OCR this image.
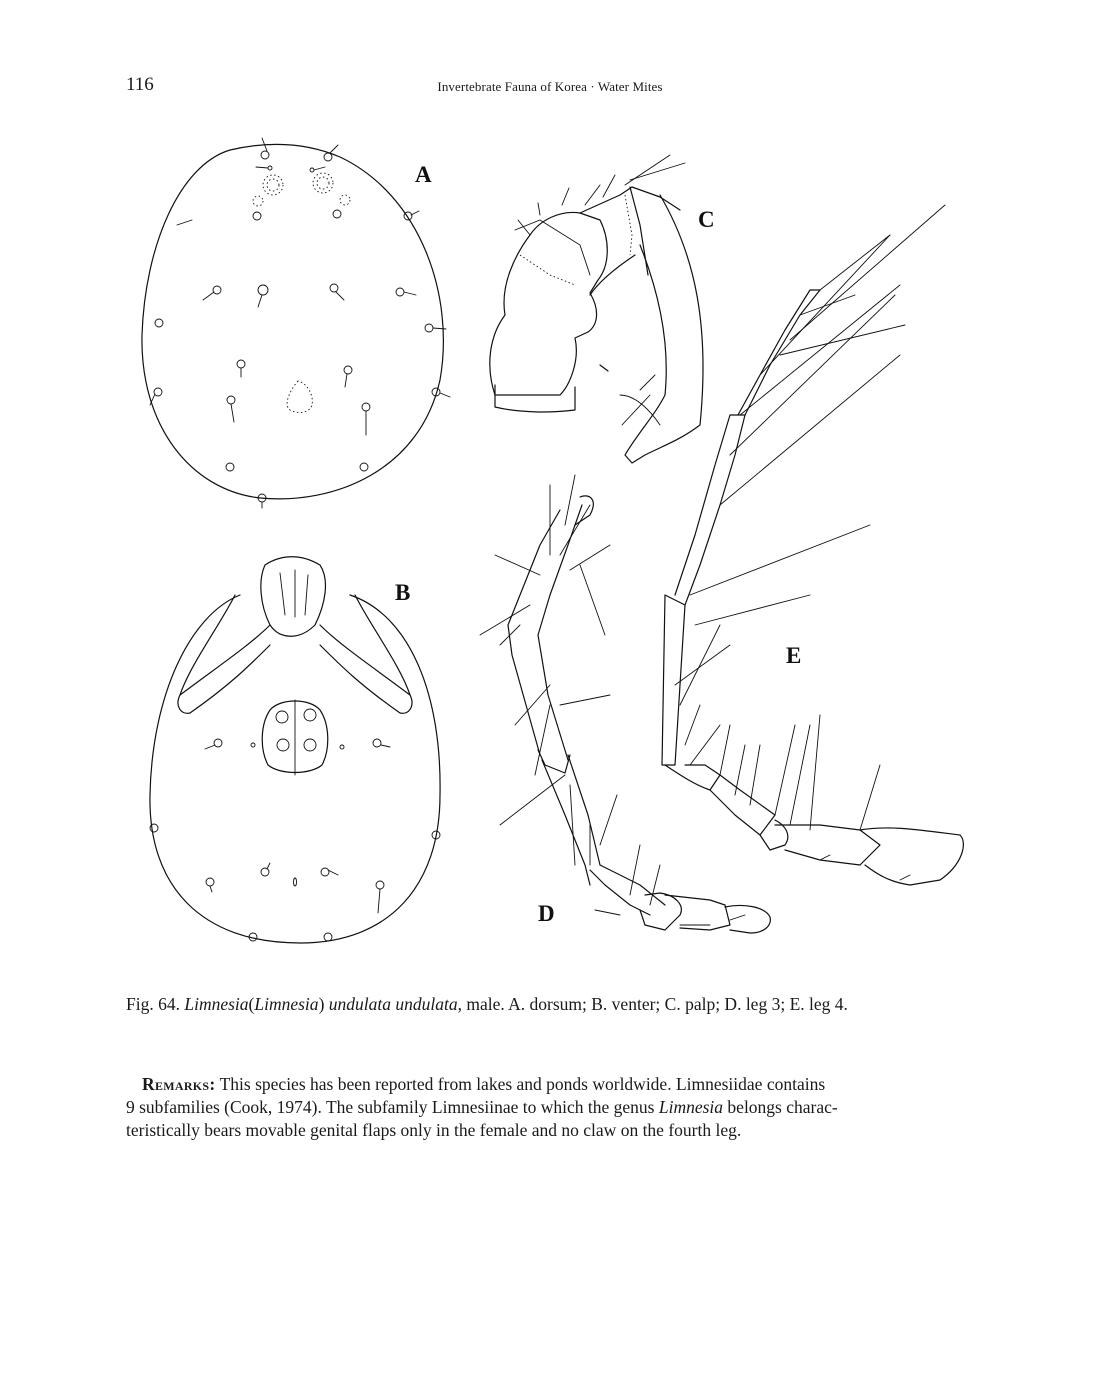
116	Invertebrate Fauna of Korea · Water Mites
A
B
C
D
E
Fig. 64. Limnesia(Limnesia) undulata undulata, male. A. dorsum; B. venter; C. palp; D. leg 3; E. leg 4.
Remarks: This species has been reported from lakes and ponds worldwide. Limnesiidae contains
9 subfamilies (Cook, 1974). The subfamily Limnesiinae to which the genus Limnesia belongs charac-
teristically bears movable genital flaps only in the female and no claw on the fourth leg.
